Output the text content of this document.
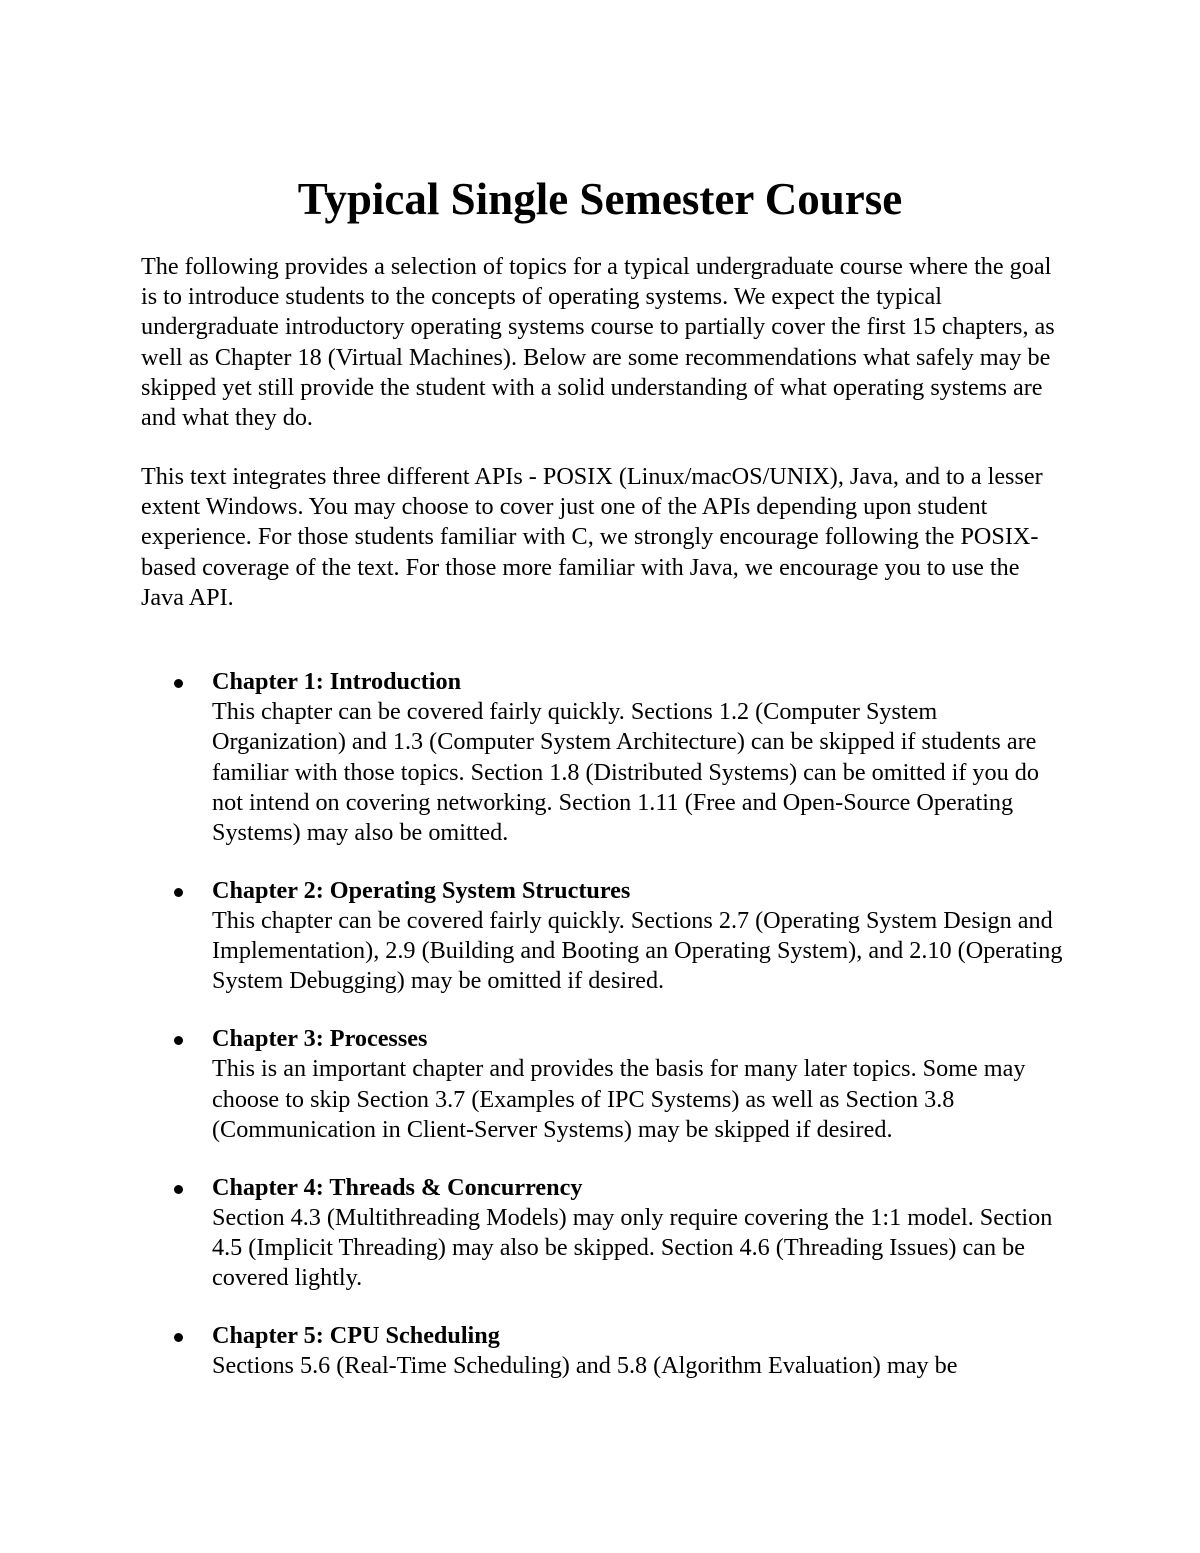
Typical Single Semester Course

The following provides a selection of topics for a typical undergraduate course where the goal is to introduce students to the concepts of operating systems. We expect the typical undergraduate introductory operating systems course to partially cover the first 15 chapters, as well as Chapter 18 (Virtual Machines). Below are some recommendations what safely may be skipped yet still provide the student with a solid understanding of what operating systems are and what they do.

This text integrates three different APIs - POSIX (Linux/macOS/UNIX), Java, and to a lesser extent Windows. You may choose to cover just one of the APIs depending upon student experience. For those students familiar with C, we strongly encourage following the POSIX-based coverage of the text. For those more familiar with Java, we encourage you to use the Java API.

Chapter 1: Introduction
This chapter can be covered fairly quickly. Sections 1.2 (Computer System Organization) and 1.3 (Computer System Architecture) can be skipped if students are familiar with those topics. Section 1.8 (Distributed Systems) can be omitted if you do not intend on covering networking. Section 1.11 (Free and Open-Source Operating Systems) may also be omitted.
Chapter 2: Operating System Structures
This chapter can be covered fairly quickly. Sections 2.7 (Operating System Design and Implementation), 2.9 (Building and Booting an Operating System), and 2.10 (Operating System Debugging) may be omitted if desired.
Chapter 3: Processes
This is an important chapter and provides the basis for many later topics. Some may choose to skip Section 3.7 (Examples of IPC Systems) as well as Section 3.8 (Communication in Client-Server Systems) may be skipped if desired.
Chapter 4: Threads & Concurrency
Section 4.3 (Multithreading Models) may only require covering the 1:1 model. Section 4.5 (Implicit Threading) may also be skipped. Section 4.6 (Threading Issues) can be covered lightly.
Chapter 5: CPU Scheduling
Sections 5.6 (Real-Time Scheduling) and 5.8 (Algorithm Evaluation) may be
